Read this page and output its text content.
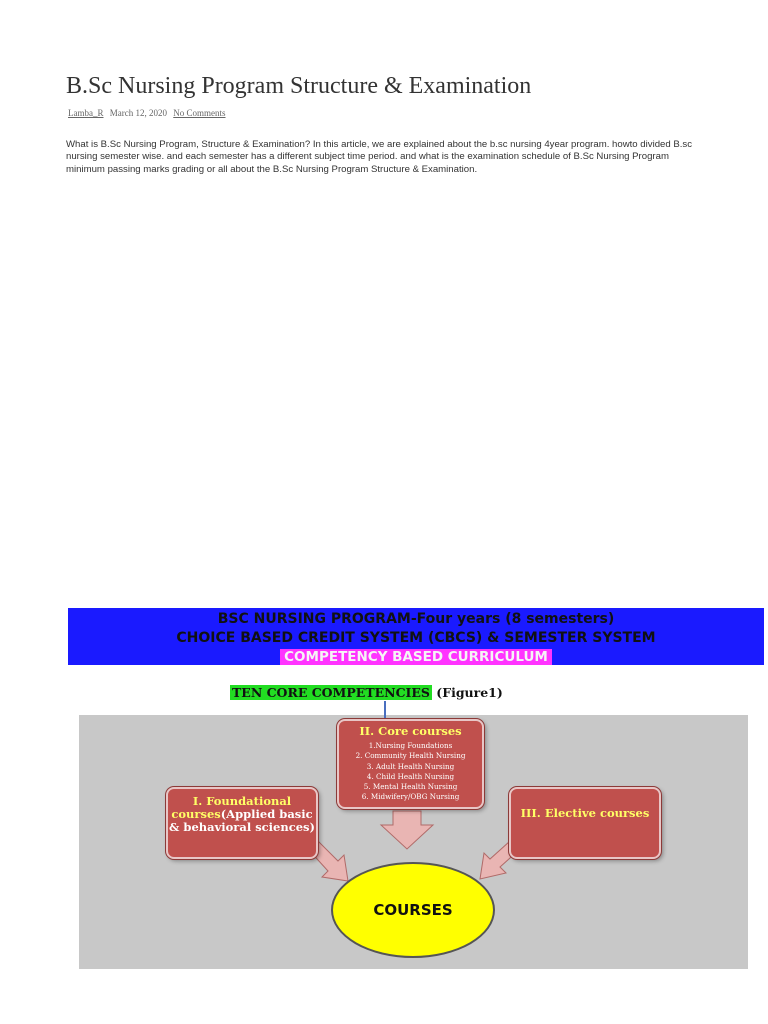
B.Sc Nursing Program Structure & Examination
Lamba_R March 12, 2020 No Comments

What is B.Sc Nursing Program, Structure & Examination? In this article, we are explained about the b.sc nursing 4year program. howto divided B.sc nursing semester wise. and each semester has a different subject time period. and what is the examination schedule of B.Sc Nursing Program minimum passing marks grading or all about the B.Sc Nursing Program Structure & Examination.

BSC NURSING PROGRAM-Four years (8 semesters)
CHOICE BASED CREDIT SYSTEM (CBCS) & SEMESTER SYSTEM
COMPETENCY BASED CURRICULUM
TEN CORE COMPETENCIES (Figure1)
II. Core courses
1.Nursing Foundations
2. Community Health Nursing
3. Adult Health Nursing
4. Child Health Nursing
5. Mental Health Nursing
6. Midwifery/OBG Nursing
I. Foundational
courses(Applied basic & behavioral sciences)
III. Elective courses
COURSES
